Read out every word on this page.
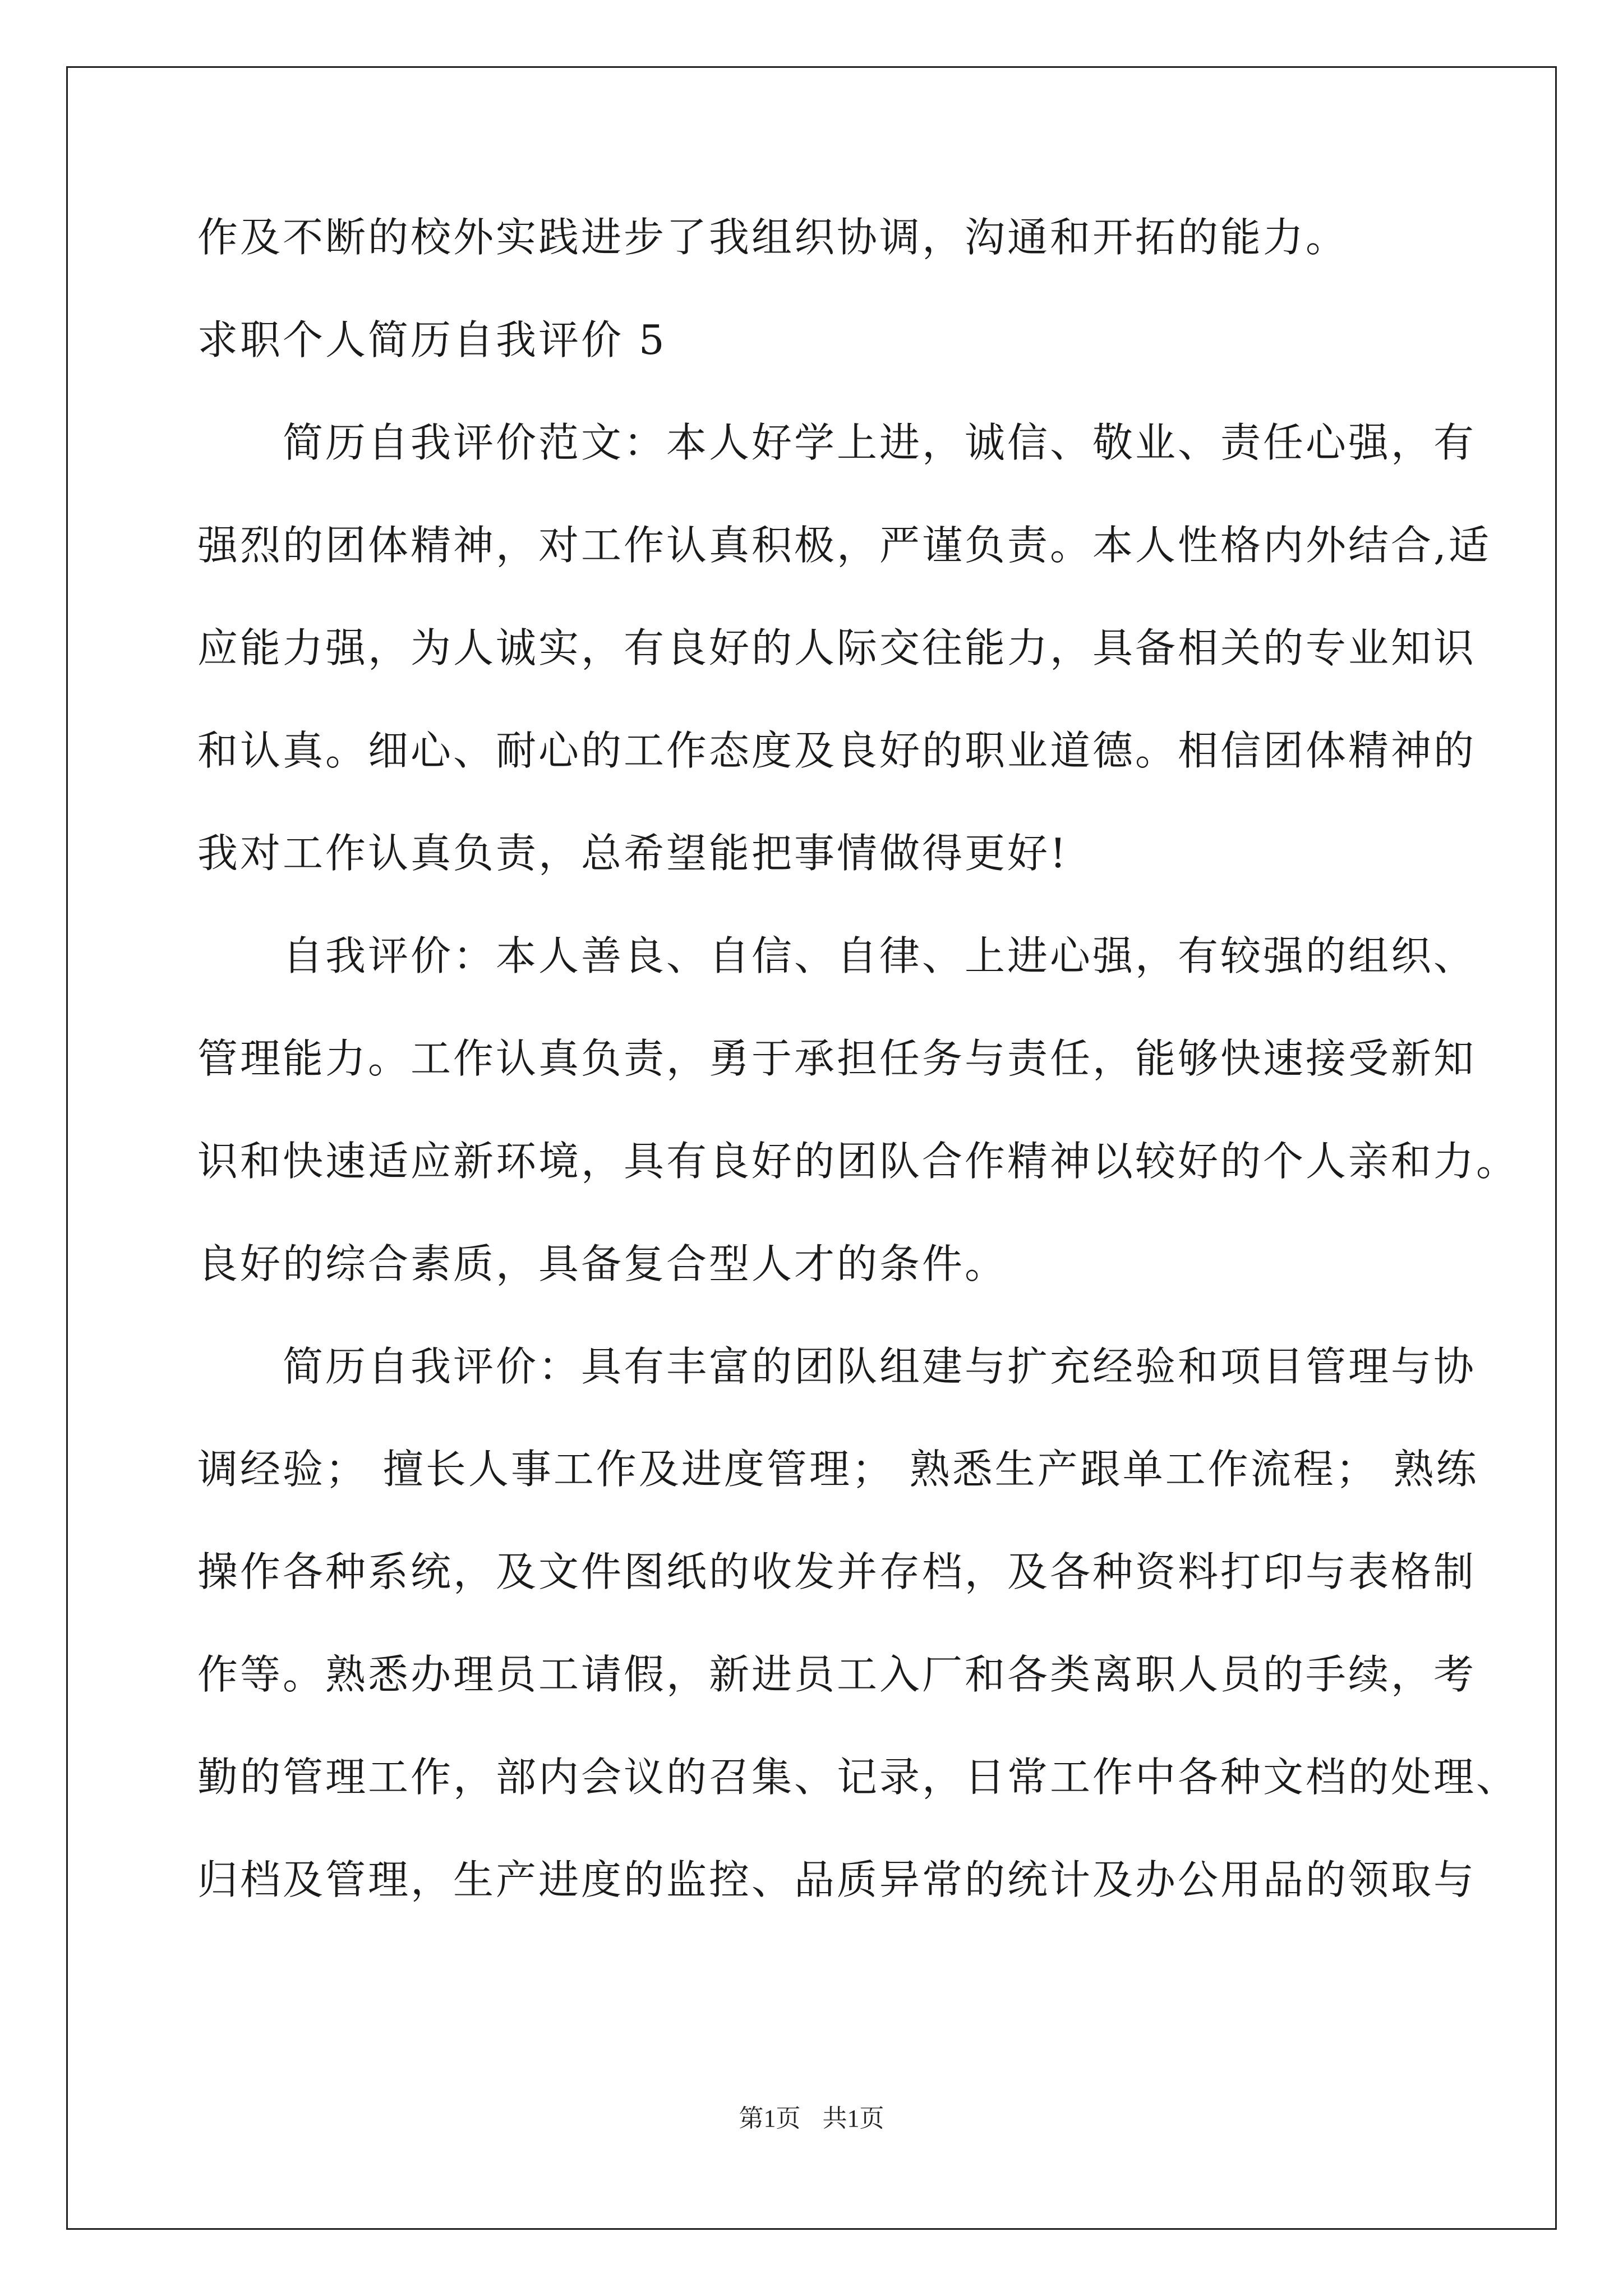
作及不断的校外实践进步了我组织协调，沟通和开拓的能力。
求职个人简历自我评价 5
　　简历自我评价范文：本人好学上进，诚信、敬业、责任心强，有
强烈的团体精神，对工作认真积极，严谨负责。本人性格内外结合,适
应能力强，为人诚实，有良好的人际交往能力，具备相关的专业知识
和认真。细心、耐心的工作态度及良好的职业道德。相信团体精神的
我对工作认真负责，总希望能把事情做得更好!
　　自我评价：本人善良、自信、自律、上进心强，有较强的组织、
管理能力。工作认真负责，勇于承担任务与责任，能够快速接受新知
识和快速适应新环境，具有良好的团队合作精神以较好的个人亲和力。
良好的综合素质，具备复合型人才的条件。
　　简历自我评价：具有丰富的团队组建与扩充经验和项目管理与协
调经验； 擅长人事工作及进度管理； 熟悉生产跟单工作流程； 熟练
操作各种系统，及文件图纸的收发并存档，及各种资料打印与表格制
作等。熟悉办理员工请假，新进员工入厂和各类离职人员的手续，考
勤的管理工作，部内会议的召集、记录，日常工作中各种文档的处理、
归档及管理，生产进度的监控、品质异常的统计及办公用品的领取与
第1页 共1页
